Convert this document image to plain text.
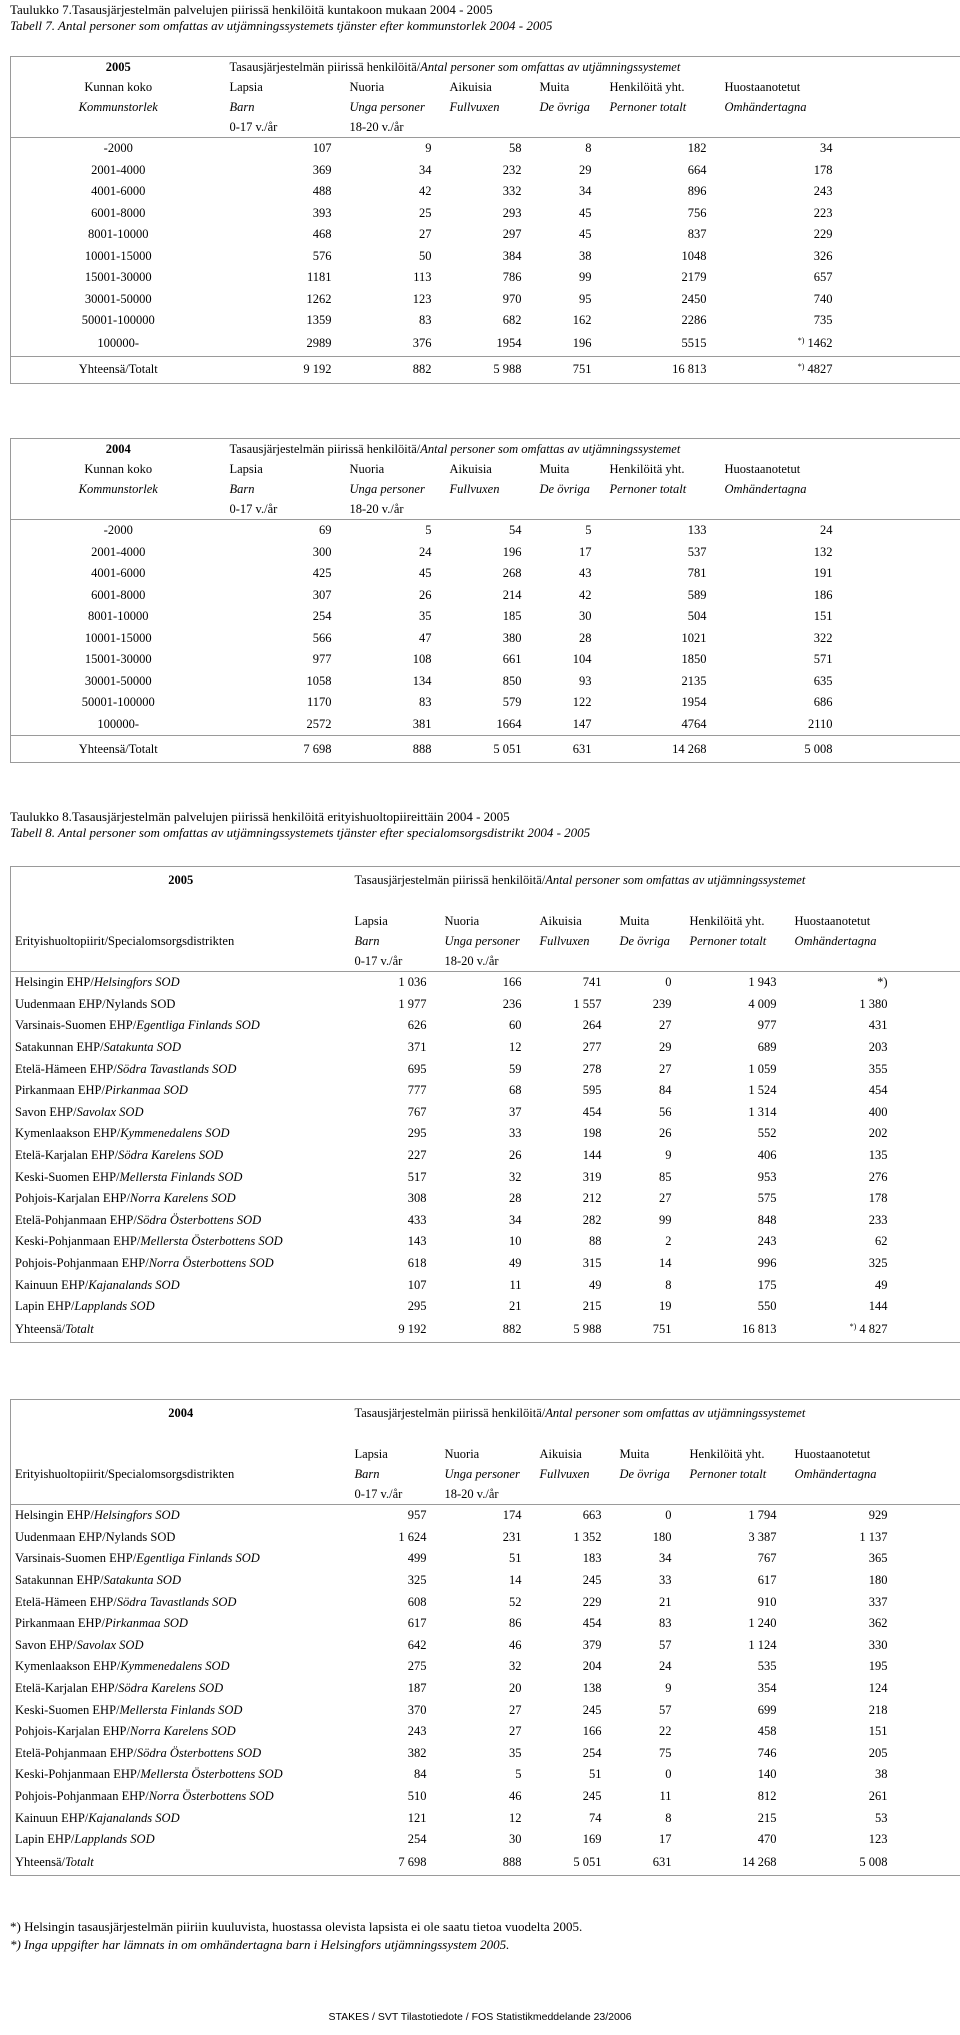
Taulukko 7.Tasausjärjestelmän palvelujen piirissä henkilöitä kuntakoon mukaan 2004 - 2005
Tabell 7. Antal personer som omfattas av utjämningssystemets tjänster efter kommunstorlek 2004 - 2005
2005	Tasausjärjestelmän piirissä henkilöitä/Antal personer som omfattas av utjämningssystemet						
Kunnan koko	Lapsia	Nuoria	Aikuisia	Muita	Henkilöitä yht.	Huostaanotetut	
Kommunstorlek	Barn	Unga personer	Fullvuxen	De övriga	Pernoner totalt	Omhändertagna	
	0-17 v./år	18-20 v./år					
-2000	107	9	58	8	182	34	
2001-4000	369	34	232	29	664	178	
4001-6000	488	42	332	34	896	243	
6001-8000	393	25	293	45	756	223	
8001-10000	468	27	297	45	837	229	
10001-15000	576	50	384	38	1048	326	
15001-30000	1181	113	786	99	2179	657	
30001-50000	1262	123	970	95	2450	740	
50001-100000	1359	83	682	162	2286	735	
100000-	2989	376	1954	196	5515	*) 1462	
Yhteensä/Totalt	9 192	882	5 988	751	16 813	*) 4827	
2004	Tasausjärjestelmän piirissä henkilöitä/Antal personer som omfattas av utjämningssystemet						
Kunnan koko	Lapsia	Nuoria	Aikuisia	Muita	Henkilöitä yht.	Huostaanotetut	
Kommunstorlek	Barn	Unga personer	Fullvuxen	De övriga	Pernoner totalt	Omhändertagna	
	0-17 v./år	18-20 v./år					
-2000	69	5	54	5	133	24	
2001-4000	300	24	196	17	537	132	
4001-6000	425	45	268	43	781	191	
6001-8000	307	26	214	42	589	186	
8001-10000	254	35	185	30	504	151	
10001-15000	566	47	380	28	1021	322	
15001-30000	977	108	661	104	1850	571	
30001-50000	1058	134	850	93	2135	635	
50001-100000	1170	83	579	122	1954	686	
100000-	2572	381	1664	147	4764	2110	
Yhteensä/Totalt	7 698	888	5 051	631	14 268	5 008	
Taulukko 8.Tasausjärjestelmän palvelujen piirissä henkilöitä erityishuoltopiireittäin 2004 - 2005
Tabell 8. Antal personer som omfattas av utjämningssystemets tjänster efter specialomsorgsdistrikt 2004 - 2005
2005	Tasausjärjestelmän piirissä henkilöitä/Antal personer som omfattas av utjämningssystemet						

	Lapsia	Nuoria	Aikuisia	Muita	Henkilöitä yht.	Huostaanotetut	
Erityishuoltopiirit/Specialomsorgsdistrikten	Barn	Unga personer	Fullvuxen	De övriga	Pernoner totalt	Omhändertagna	
	0-17 v./år	18-20 v./år					
Helsingin EHP/Helsingfors SOD	1 036	166	741	0	1 943	*)	
Uudenmaan EHP/Nylands SOD	1 977	236	1 557	239	4 009	1 380	
Varsinais-Suomen EHP/Egentliga Finlands SOD	626	60	264	27	977	431	
Satakunnan EHP/Satakunta SOD	371	12	277	29	689	203	
Etelä-Hämeen EHP/Södra Tavastlands SOD	695	59	278	27	1 059	355	
Pirkanmaan EHP/Pirkanmaa SOD	777	68	595	84	1 524	454	
Savon EHP/Savolax SOD	767	37	454	56	1 314	400	
Kymenlaakson EHP/Kymmenedalens SOD	295	33	198	26	552	202	
Etelä-Karjalan EHP/Södra Karelens SOD	227	26	144	9	406	135	
Keski-Suomen EHP/Mellersta Finlands SOD	517	32	319	85	953	276	
Pohjois-Karjalan EHP/Norra Karelens SOD	308	28	212	27	575	178	
Etelä-Pohjanmaan EHP/Södra Österbottens SOD	433	34	282	99	848	233	
Keski-Pohjanmaan EHP/Mellersta Österbottens SOD	143	10	88	2	243	62	
Pohjois-Pohjanmaan EHP/Norra Österbottens SOD	618	49	315	14	996	325	
Kainuun EHP/Kajanalands SOD	107	11	49	8	175	49	
Lapin EHP/Lapplands SOD	295	21	215	19	550	144	
Yhteensä/Totalt	9 192	882	5 988	751	16 813	*) 4 827	
2004	Tasausjärjestelmän piirissä henkilöitä/Antal personer som omfattas av utjämningssystemet						

	Lapsia	Nuoria	Aikuisia	Muita	Henkilöitä yht.	Huostaanotetut	
Erityishuoltopiirit/Specialomsorgsdistrikten	Barn	Unga personer	Fullvuxen	De övriga	Pernoner totalt	Omhändertagna	
	0-17 v./år	18-20 v./år					
Helsingin EHP/Helsingfors SOD	957	174	663	0	1 794	929	
Uudenmaan EHP/Nylands SOD	1 624	231	1 352	180	3 387	1 137	
Varsinais-Suomen EHP/Egentliga Finlands SOD	499	51	183	34	767	365	
Satakunnan EHP/Satakunta SOD	325	14	245	33	617	180	
Etelä-Hämeen EHP/Södra Tavastlands SOD	608	52	229	21	910	337	
Pirkanmaan EHP/Pirkanmaa SOD	617	86	454	83	1 240	362	
Savon EHP/Savolax SOD	642	46	379	57	1 124	330	
Kymenlaakson EHP/Kymmenedalens SOD	275	32	204	24	535	195	
Etelä-Karjalan EHP/Södra Karelens SOD	187	20	138	9	354	124	
Keski-Suomen EHP/Mellersta Finlands SOD	370	27	245	57	699	218	
Pohjois-Karjalan EHP/Norra Karelens SOD	243	27	166	22	458	151	
Etelä-Pohjanmaan EHP/Södra Österbottens SOD	382	35	254	75	746	205	
Keski-Pohjanmaan EHP/Mellersta Österbottens SOD	84	5	51	0	140	38	
Pohjois-Pohjanmaan EHP/Norra Österbottens SOD	510	46	245	11	812	261	
Kainuun EHP/Kajanalands SOD	121	12	74	8	215	53	
Lapin EHP/Lapplands SOD	254	30	169	17	470	123	
Yhteensä/Totalt	7 698	888	5 051	631	14 268	5 008	
*) Helsingin tasausjärjestelmän piiriin kuuluvista, huostassa olevista lapsista ei ole saatu tietoa vuodelta 2005.
*) Inga uppgifter har lämnats in om omhändertagna barn i Helsingfors utjämningssystem 2005.
STAKES / SVT Tilastotiedote / FOS Statistikmeddelande 23/2006
